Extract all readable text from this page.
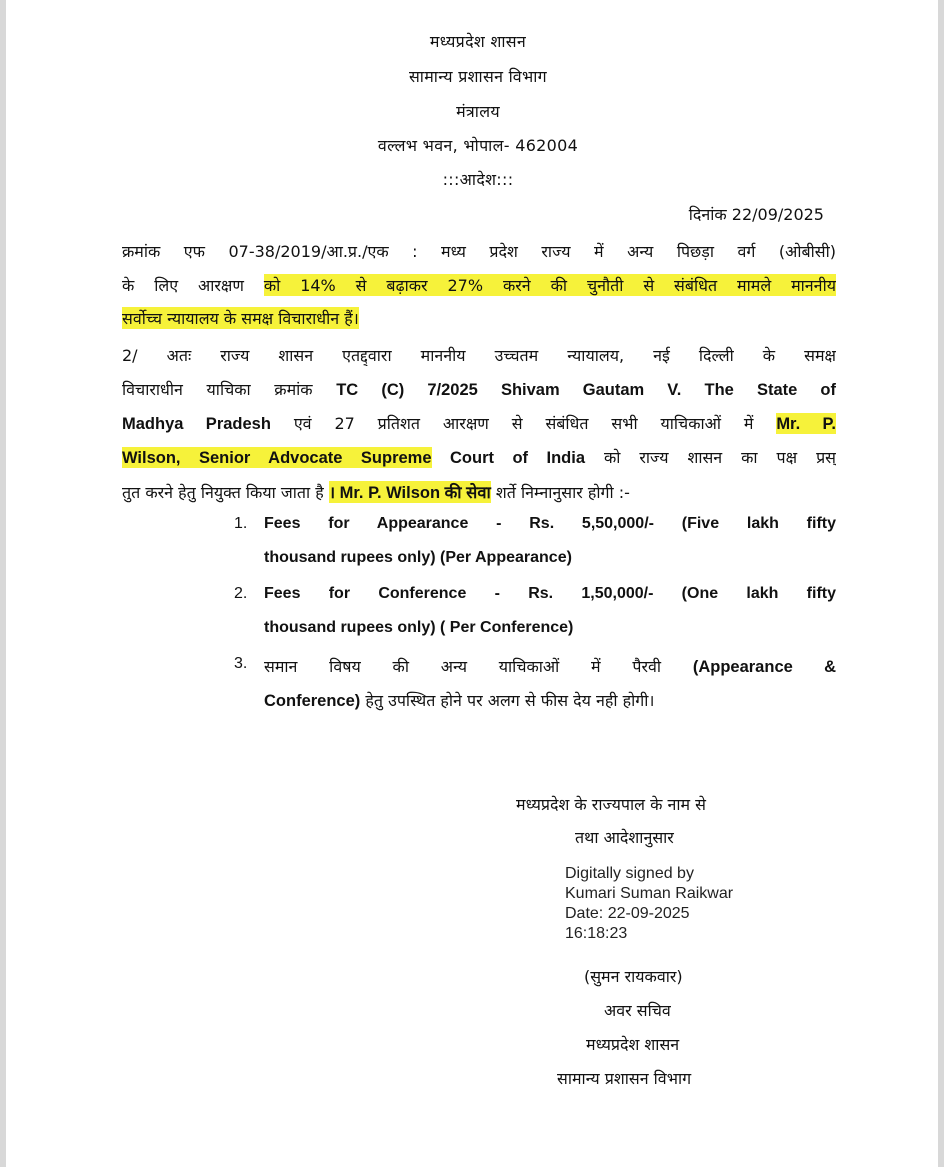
मध्यप्रदेश शासन
सामान्य प्रशासन विभाग
मंत्रालय
वल्लभ भवन, भोपाल- 462004
:::आदेश:::
दिनांक 22/09/2025
क्रमांक एफ 07-38/2019/आ.प्र./एक : मध्य प्रदेश राज्य में अन्य पिछड़ा वर्ग (ओबीसी)
के लिए आरक्षण को 14% से बढ़ाकर 27% करने की चुनौती से संबंधित मामले माननीय
सर्वोच्च न्यायालय के समक्ष विचाराधीन हैं।
2/ अतः राज्य शासन एतद्द्वारा माननीय उच्चतम न्यायालय, नई दिल्ली के समक्ष
विचाराधीन याचिका क्रमांक TC (C) 7/2025 Shivam Gautam V. The State of
Madhya Pradesh एवं 27 प्रतिशत आरक्षण से संबंधित सभी याचिकाओं में Mr. P.
Wilson, Senior Advocate Supreme Court of India को राज्य शासन का पक्ष प्रस्
तुत करने हेतु नियुक्त किया जाता है । Mr. P. Wilson की सेवा शर्ते निम्नानुसार होगी :-
1. Fees for Appearance - Rs. 5,50,000/- (Five lakh fifty
thousand rupees only) (Per Appearance)
2. Fees for Conference - Rs. 1,50,000/- (One lakh fifty
thousand rupees only) ( Per Conference)
3. समान विषय की अन्य याचिकाओं में पैरवी (Appearance &
Conference) हेतु उपस्थित होने पर अलग से फीस देय नही होगी।
मध्यप्रदेश के राज्यपाल के नाम से
तथा आदेशानुसार
Digitally signed by
Kumari Suman Raikwar
Date: 22-09-2025
16:18:23
(सुमन रायकवार)
अवर सचिव
मध्यप्रदेश शासन
सामान्य प्रशासन विभाग
